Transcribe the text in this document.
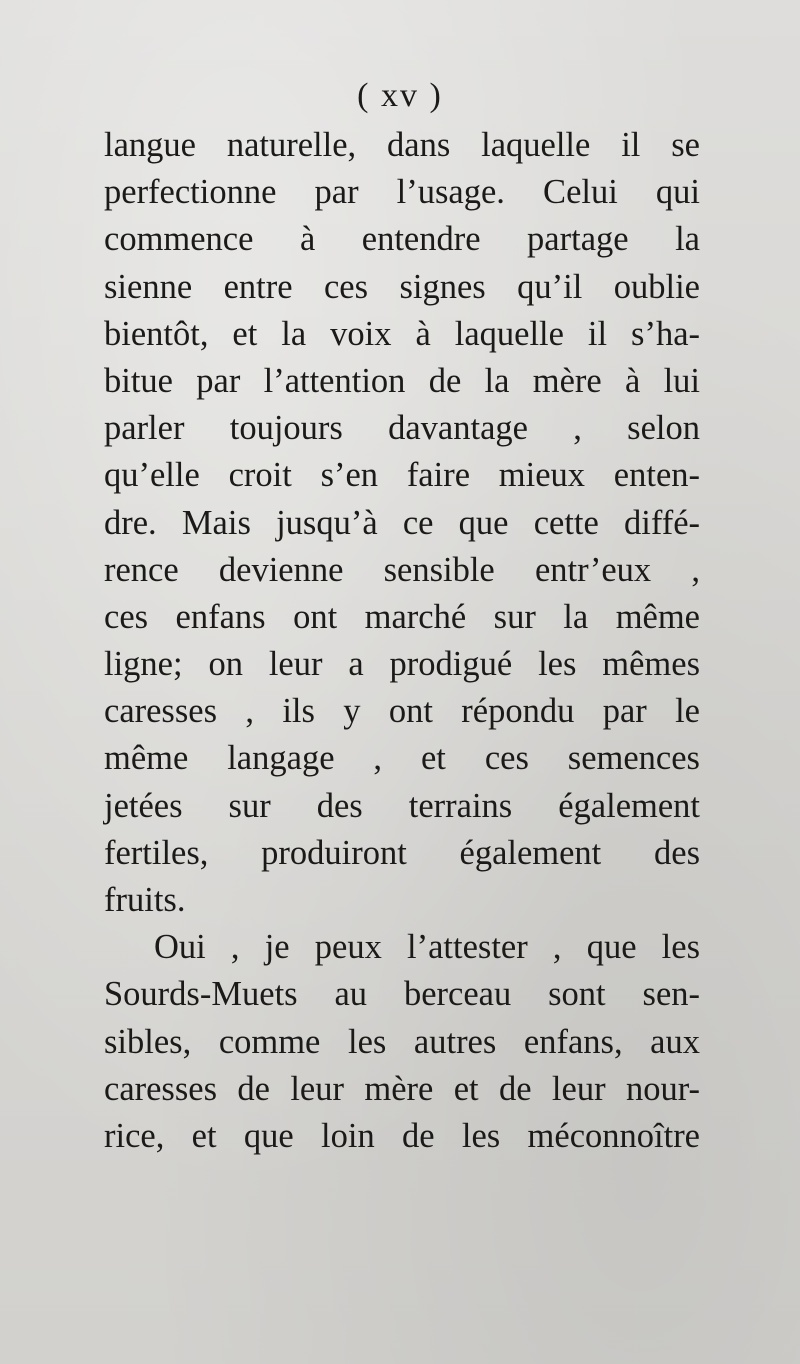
( xv )
langue naturelle, dans laquelle il se
perfectionne par l’usage. Celui qui
commence à entendre partage la
sienne entre ces signes qu’il oublie
bientôt, et la voix à laquelle il s’ha-
bitue par l’attention de la mère à lui
parler toujours davantage , selon
qu’elle croit s’en faire mieux enten-
dre. Mais jusqu’à ce que cette diffé-
rence devienne sensible entr’eux ,
ces enfans ont marché sur la même
ligne; on leur a prodigué les mêmes
caresses , ils y ont répondu par le
même langage , et ces semences
jetées sur des terrains également
fertiles, produiront également des
fruits.
Oui , je peux l’attester , que les
Sourds-Muets au berceau sont sen-
sibles, comme les autres enfans, aux
caresses de leur mère et de leur nour-
rice, et que loin de les méconnoître
